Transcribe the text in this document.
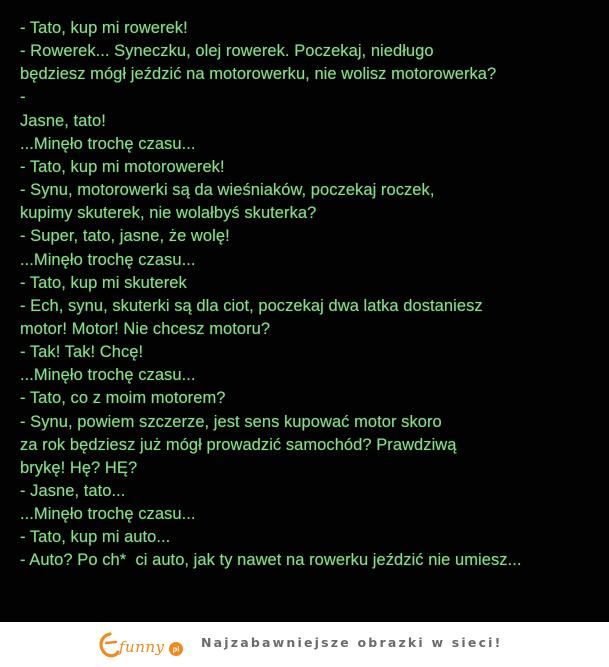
- Tato, kup mi rowerek!
- Rowerek... Syneczku, olej rowerek. Poczekaj, niedługo
będziesz mógł jeździć na motorowerku, nie wolisz motorowerka?
-
Jasne, tato!
...Minęło trochę czasu...
- Tato, kup mi motorowerek!
- Synu, motorowerki są da wieśniaków, poczekaj roczek,
kupimy skuterek, nie wolałbyś skuterka?
- Super, tato, jasne, że wolę!
...Minęło trochę czasu...
- Tato, kup mi skuterek
- Ech, synu, skuterki są dla ciot, poczekaj dwa latka dostaniesz
motor! Motor! Nie chcesz motoru?
- Tak! Tak! Chcę!
...Minęło trochę czasu...
- Tato, co z moim motorem?
- Synu, powiem szczerze, jest sens kupować motor skoro
za rok będziesz już mógł prowadzić samochód? Prawdziwą
brykę! Hę? HĘ?
- Jasne, tato...
...Minęło trochę czasu...
- Tato, kup mi auto...
- Auto? Po ch*  ci auto, jak ty nawet na rowerku jeździć nie umiesz...
funny pl Najzabawniejsze obrazki w sieci!
